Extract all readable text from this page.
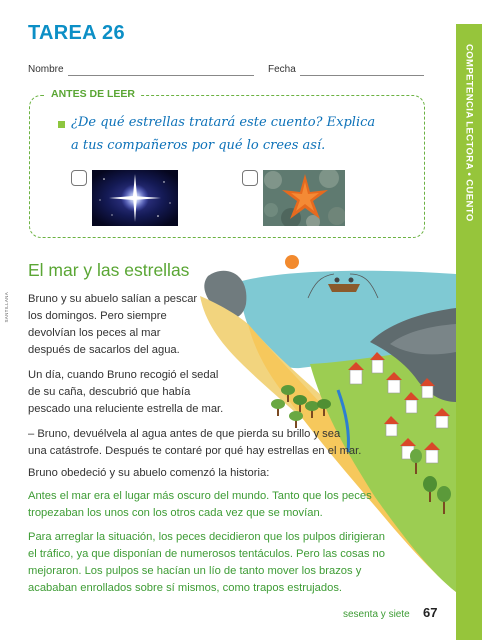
TAREA 26
Nombre	Fecha	COMPETENCIA LECTORA • CUENTO
SANTILLANA
ANTES DE LEER
¿De qué estrellas tratará este cuento? Explica
a tus compañeros por qué lo crees así.
El mar y las estrellas
Bruno y su abuelo salían a pescar
los domingos. Pero siempre
devolvían los peces al mar
después de sacarlos del agua.
Un día, cuando Bruno recogió el sedal
de su caña, descubrió que había
pescado una reluciente estrella de mar.
– Bruno, devuélvela al agua antes de que pierda su brillo y sea
una catástrofe. Después te contaré por qué hay estrellas en el mar.
Bruno obedeció y su abuelo comenzó la historia:
Antes el mar era el lugar más oscuro del mundo. Tanto que los peces
tropezaban los unos con los otros cada vez que se movían.
Para arreglar la situación, los peces decidieron que los pulpos dirigieran
el tráfico, ya que disponían de numerosos tentáculos. Pero las cosas no
mejoraron. Los pulpos se hacían un lío de tanto mover los brazos y
acababan enrollados sobre sí mismos, como trapos estrujados.
sesenta y siete 67
